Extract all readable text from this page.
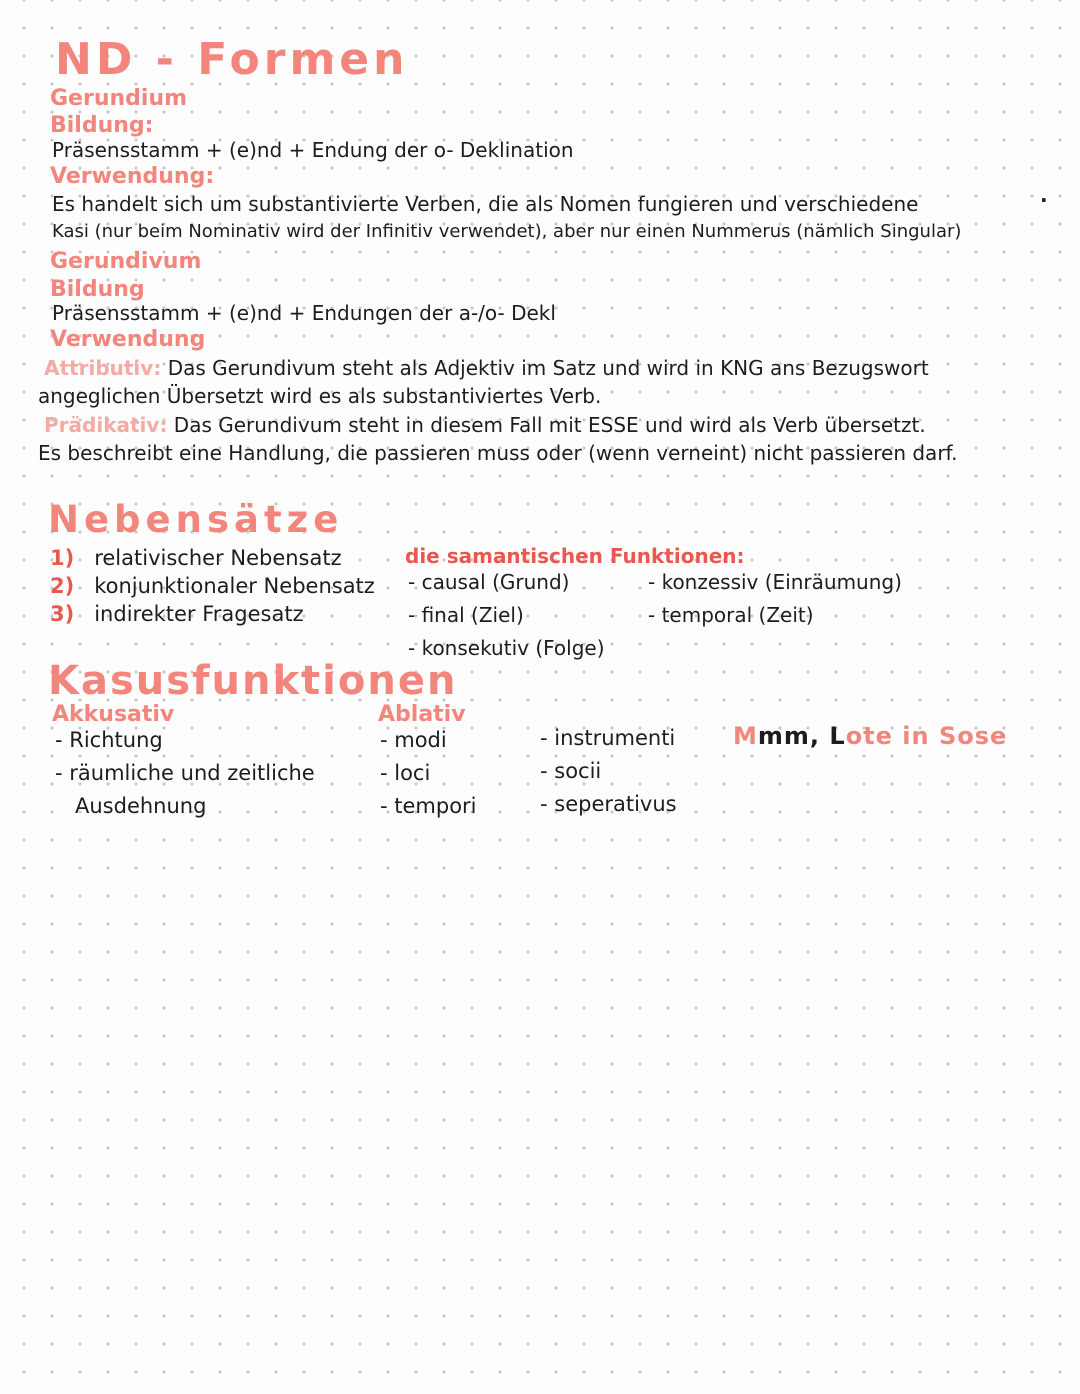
ND - Formen
Gerundium
Bildung:
Präsensstamm + (e)nd + Endung der o- Deklination
Verwendung:
Es handelt sich um substantivierte Verben, die als Nomen fungieren und verschiedene	·
Kasi (nur beim Nominativ wird der Infinitiv verwendet), aber nur einen Nummerus (nämlich Singular)
Gerundivum
Bildung
Präsensstamm + (e)nd + Endungen der a-/o- Dekl
Verwendung
Attributiv: Das Gerundivum steht als Adjektiv im Satz und wird in KNG ans Bezugswort
angeglichen Übersetzt wird es als substantiviertes Verb.
Prädikativ: Das Gerundivum steht in diesem Fall mit ESSE und wird als Verb übersetzt.
Es beschreibt eine Handlung, die passieren muss oder (wenn verneint) nicht passieren darf.
Nebensätze
1) relativischer Nebensatz
2) konjunktionaler Nebensatz
3) indirekter Fragesatz
die samantischen Funktionen:
- causal (Grund)
- final (Ziel)
- konsekutiv (Folge)
- konzessiv (Einräumung)
- temporal (Zeit)
Kasusfunktionen
Akkusativ
- Richtung
- räumliche und zeitliche
Ausdehnung
Ablativ
- modi
- loci
- tempori
- instrumenti
- socii
- seperativus
Mmm, Lote in Sose
